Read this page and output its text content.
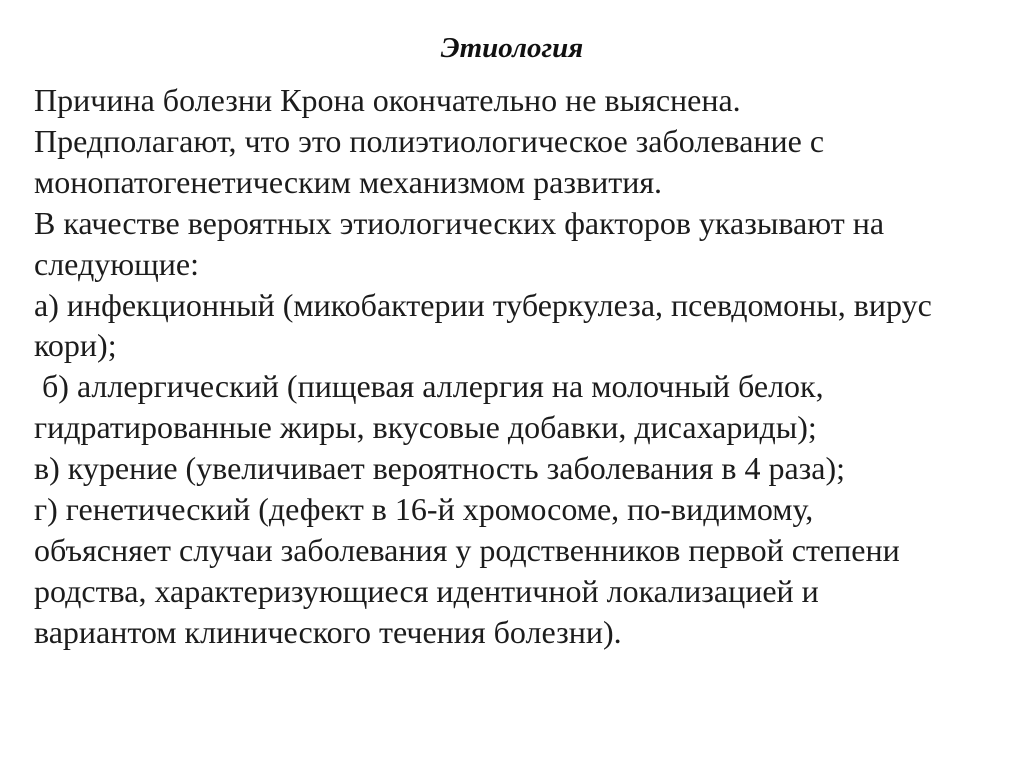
Этиология
Причина болезни Крона окончательно не выяснена.
Предполагают, что это полиэтиологическое заболевание с
монопатогенетическим механизмом развития.
В качестве вероятных этиологических факторов указывают на
следующие:
а) инфекционный (микобактерии туберкулеза, псевдомоны, вирус
кори);
б) аллергический (пищевая аллергия на молочный белок,
гидратированные жиры, вкусовые добавки, дисахариды);
в) курение (увеличивает вероятность заболевания в 4 раза);
г) генетический (дефект в 16-й хромосоме, по-видимому,
объясняет случаи заболевания у родственников первой степени
родства, характеризующиеся идентичной локализацией и
вариантом клинического течения болезни).
